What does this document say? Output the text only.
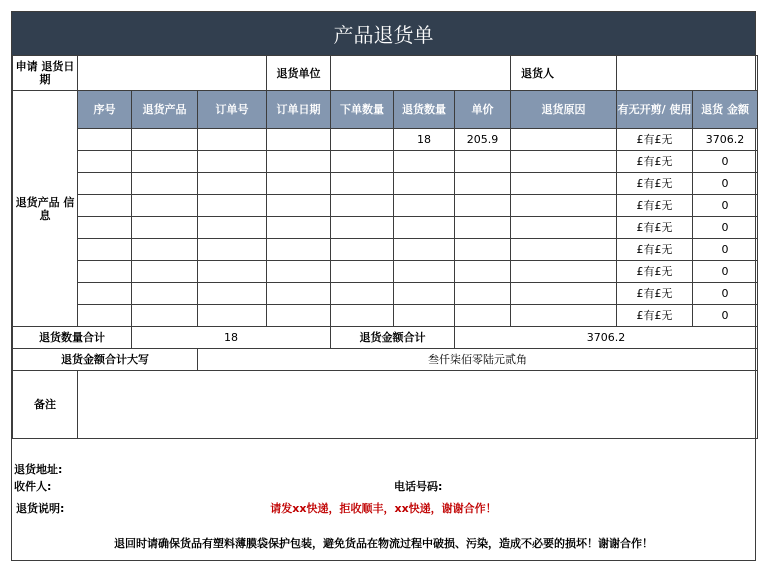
产品退货单
申请 退货日期				退货单位				退货人		
退货产品 信息	序号	退货产品	订单号	订单日期	下单数量	退货数量	单价	退货原因	有无开剪/ 使用	退货 金额
						18	205.9		£有£无	3706.2
									£有£无	0
									£有£无	0
									£有£无	0
									£有£无	0
									£有£无	0
									£有£无	0
									£有£无	0
									£有£无	0
退货数量合计		18			退货金额合计		3706.2			
退货金额合计大写			叁仟柒佰零陆元贰角							
备注										
退货地址:
收件人:	电话号码:
退货说明:	请发xx快递，拒收顺丰，xx快递，谢谢合作！
退回时请确保货品有塑料薄膜袋保护包装，避免货品在物流过程中破损、污染，造成不必要的损坏！谢谢合作！
